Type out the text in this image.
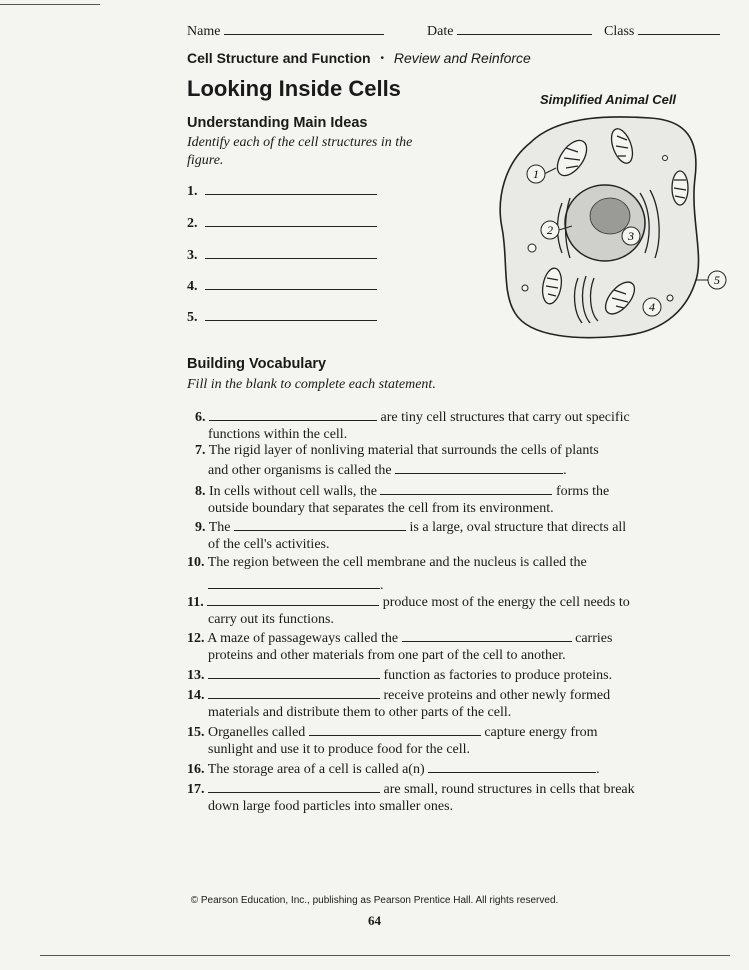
Name	Date	Class
Cell Structure and Function • Review and Reinforce
Looking Inside Cells
Understanding Main Ideas
Identify each of the cell structures in the
figure.
1.
2.
3.
4.
5.
Simplified Animal Cell
1
2	3
5
4
Building Vocabulary
Fill in the blank to complete each statement.
6.	are tiny cell structures that carry out specific
functions within the cell.
7. The rigid layer of nonliving material that surrounds the cells of plants
and other organisms is called the	.
8. In cells without cell walls, the	forms the
outside boundary that separates the cell from its environment.
9. The	is a large, oval structure that directs all
of the cell's activities.
10. The region between the cell membrane and the nucleus is called the
.
11.	produce most of the energy the cell needs to
carry out its functions.
12. A maze of passageways called the	carries
proteins and other materials from one part of the cell to another.
13.	function as factories to produce proteins.
14.	receive proteins and other newly formed
materials and distribute them to other parts of the cell.
15. Organelles called	capture energy from
sunlight and use it to produce food for the cell.
16. The storage area of a cell is called a(n)	.
17.	are small, round structures in cells that break
down large food particles into smaller ones.
© Pearson Education, Inc., publishing as Pearson Prentice Hall. All rights reserved.
64
